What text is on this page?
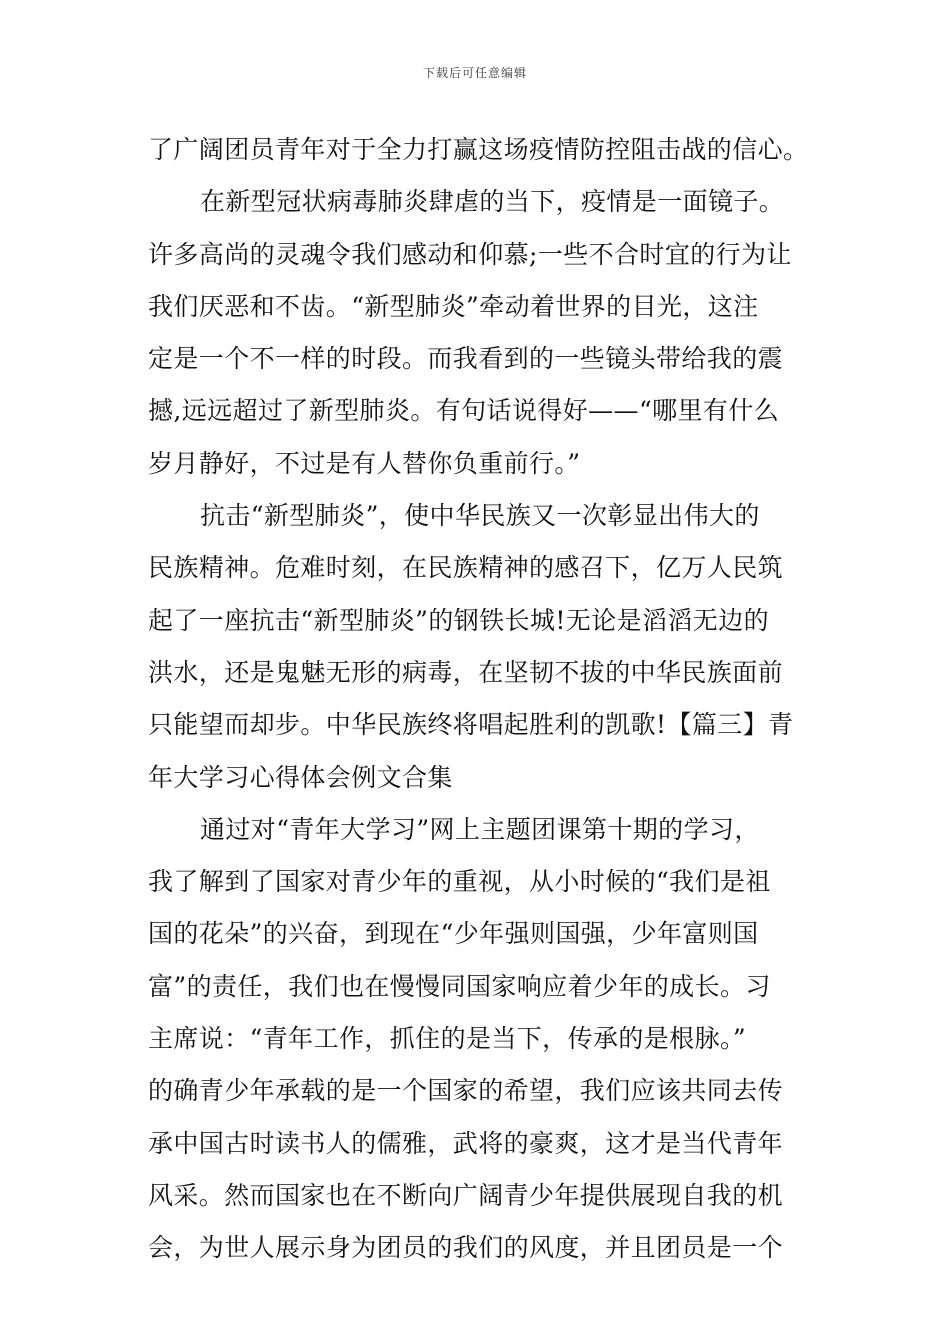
下载后可任意编辑
了广阔团员青年对于全力打赢这场疫情防控阻击战的信心。
在新型冠状病毒肺炎肆虐的当下，疫情是一面镜子。
许多高尚的灵魂令我们感动和仰慕;一些不合时宜的行为让
我们厌恶和不齿。“新型肺炎”牵动着世界的目光，这注
定是一个不一样的时段。而我看到的一些镜头带给我的震
撼,远远超过了新型肺炎。有句话说得好——“哪里有什么
岁月静好，不过是有人替你负重前行。”
抗击“新型肺炎”，使中华民族又一次彰显出伟大的
民族精神。危难时刻，在民族精神的感召下，亿万人民筑
起了一座抗击“新型肺炎”的钢铁长城!无论是滔滔无边的
洪水，还是鬼魅无形的病毒，在坚韧不拔的中华民族面前
只能望而却步。中华民族终将唱起胜利的凯歌!【篇三】青
年大学习心得体会例文合集
通过对“青年大学习”网上主题团课第十期的学习，
我了解到了国家对青少年的重视，从小时候的“我们是祖
国的花朵”的兴奋，到现在“少年强则国强，少年富则国
富”的责任，我们也在慢慢同国家响应着少年的成长。习
主席说：“青年工作，抓住的是当下，传承的是根脉。”
的确青少年承载的是一个国家的希望，我们应该共同去传
承中国古时读书人的儒雅，武将的豪爽，这才是当代青年
风采。然而国家也在不断向广阔青少年提供展现自我的机
会，为世人展示身为团员的我们的风度，并且团员是一个
